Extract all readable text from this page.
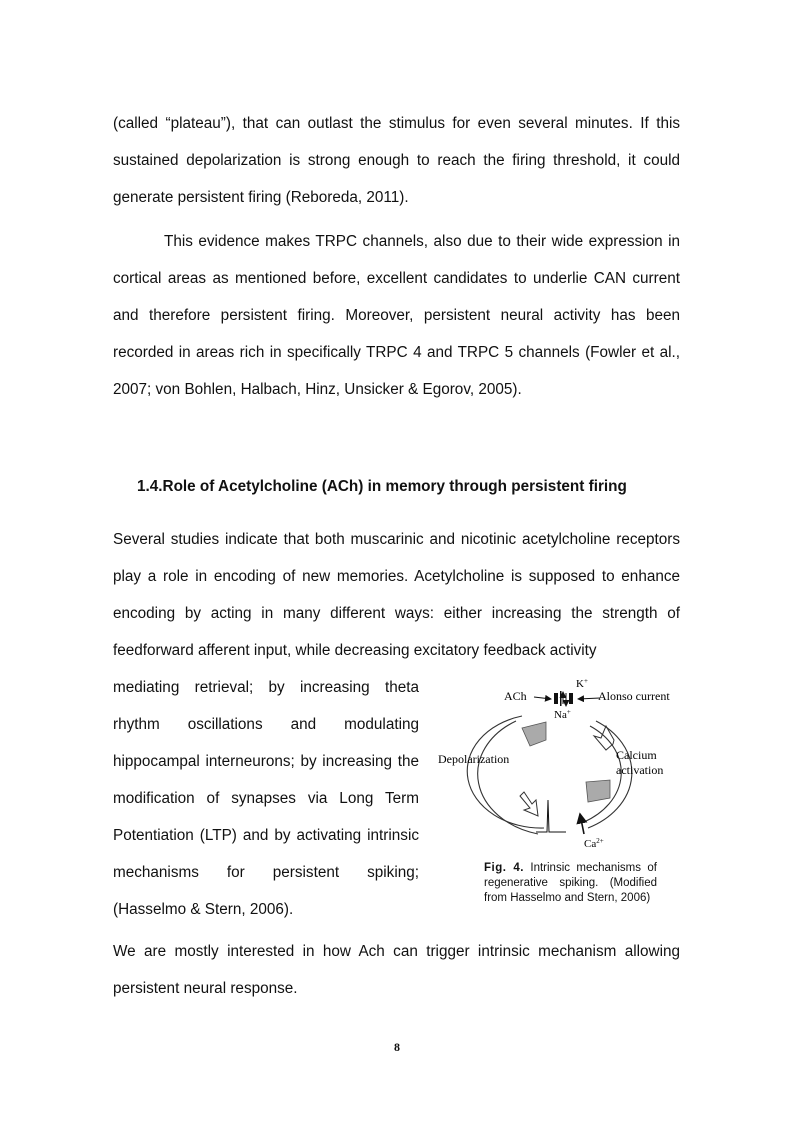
(called “plateau”), that can outlast the stimulus for even several minutes. If this sustained depolarization is strong enough to reach the firing threshold, it could generate persistent firing (Reboreda, 2011).

This evidence makes TRPC channels, also due to their wide expression in cortical areas as mentioned before, excellent candidates to underlie CAN current and therefore persistent firing. Moreover, persistent neural activity has been recorded in areas rich in specifically TRPC 4 and TRPC 5 channels (Fowler et al., 2007; von Bohlen, Halbach, Hinz, Unsicker & Egorov, 2005).

1.4.Role of Acetylcholine (ACh) in memory through persistent firing

Several studies indicate that both muscarinic and nicotinic acetylcholine receptors play a role in encoding of new memories. Acetylcholine is supposed to enhance encoding by acting in many different ways: either increasing the strength of feedforward afferent input, while decreasing excitatory feedback activity

mediating retrieval; by increasing theta rhythm oscillations and modulating hippocampal interneurons; by increasing the modification of synapses via Long Term Potentiation (LTP) and by activating intrinsic mechanisms for persistent spiking; (Hasselmo & Stern, 2006).

ACh
K+
Na+
Alonso current
Depolarization	Calcium
activation
$Ca^{2+}$

Fig. 4. Intrinsic mechanisms of regenerative spiking. (Modified from Hasselmo and Stern, 2006)

We are mostly interested in how Ach can trigger intrinsic mechanism allowing persistent neural response.

8
